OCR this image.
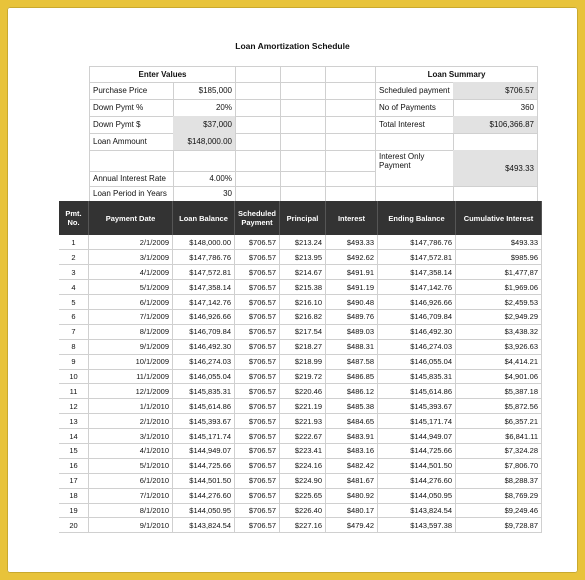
Loan Amortization Schedule
Enter Values
Purchase Price	$185,000
Down Pymt %	20%
Down Pymt $	$37,000
Loan Ammount	$148,000.00
Annual Interest Rate	4.00%
Loan Period in Years	30
Loan Summary
Scheduled payment	$706.57
No of Payments	360
Total Interest	$106,366.87
Interest Only Payment	$493.33
Pmt. No.	Payment Date	Loan Balance	Scheduled Payment	Principal	Interest	Ending Balance	Cumulative Interest
1	2/1/2009	$148,000.00	$706.57	$213.24	$493.33	$147,786.76	$493.33
2	3/1/2009	$147,786.76	$706.57	$213.95	$492.62	$147,572.81	$985.96
3	4/1/2009	$147,572.81	$706.57	$214.67	$491.91	$147,358.14	$1,477,87
4	5/1/2009	$147,358.14	$706.57	$215.38	$491.19	$147,142.76	$1,969.06
5	6/1/2009	$147,142.76	$706.57	$216.10	$490.48	$146,926.66	$2,459.53
6	7/1/2009	$146,926.66	$706.57	$216.82	$489.76	$146,709.84	$2,949.29
7	8/1/2009	$146,709.84	$706.57	$217.54	$489.03	$146,492.30	$3,438.32
8	9/1/2009	$146,492.30	$706.57	$218.27	$488.31	$146,274.03	$3,926.63
9	10/1/2009	$146,274.03	$706.57	$218.99	$487.58	$146,055.04	$4,414.21
10	11/1/2009	$146,055.04	$706.57	$219.72	$486.85	$145,835.31	$4,901.06
11	12/1/2009	$145,835.31	$706.57	$220.46	$486.12	$145,614.86	$5,387.18
12	1/1/2010	$145,614.86	$706.57	$221.19	$485.38	$145,393.67	$5,872.56
13	2/1/2010	$145,393.67	$706.57	$221.93	$484.65	$145,171.74	$6,357.21
14	3/1/2010	$145,171.74	$706.57	$222.67	$483.91	$144,949.07	$6,841.11
15	4/1/2010	$144,949.07	$706.57	$223.41	$483.16	$144,725.66	$7,324.28
16	5/1/2010	$144,725.66	$706.57	$224.16	$482.42	$144,501.50	$7,806.70
17	6/1/2010	$144,501.50	$706.57	$224.90	$481.67	$144,276.60	$8,288.37
18	7/1/2010	$144,276.60	$706.57	$225.65	$480.92	$144,050.95	$8,769.29
19	8/1/2010	$144,050.95	$706.57	$226.40	$480.17	$143,824.54	$9,249.46
20	9/1/2010	$143,824.54	$706.57	$227.16	$479.42	$143,597.38	$9,728.87
